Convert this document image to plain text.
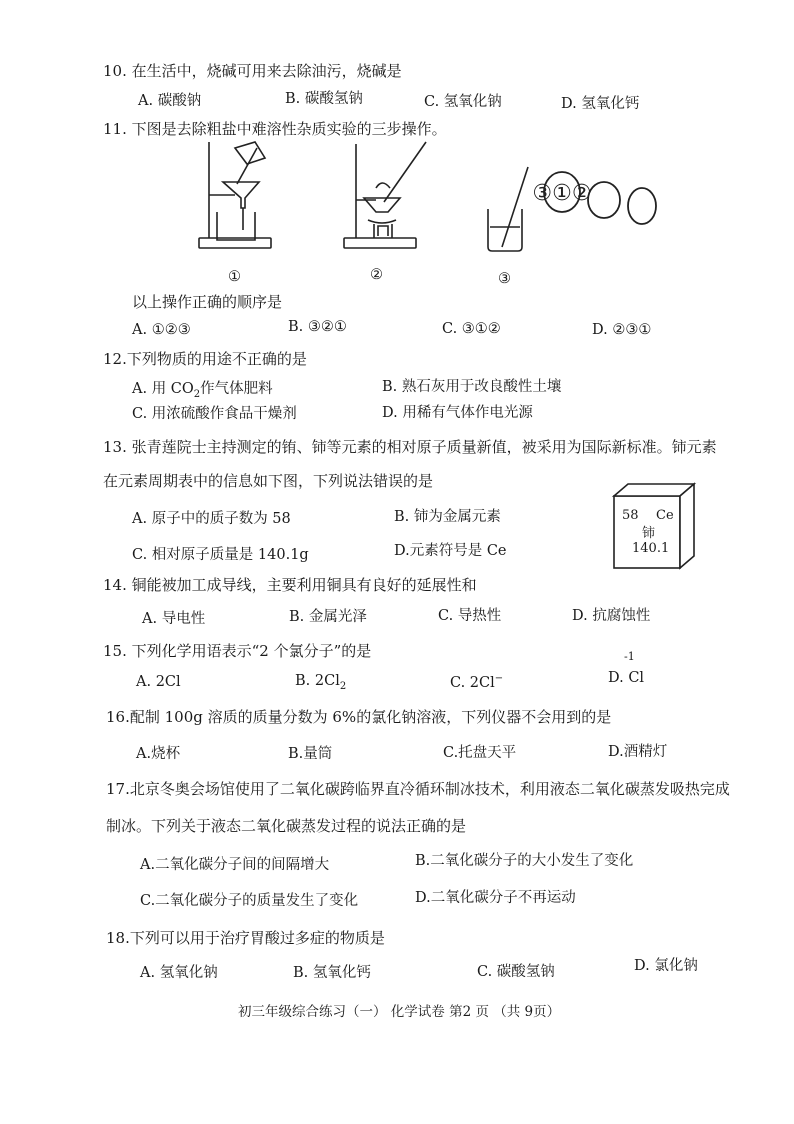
10. 在生活中，烧碱可用来去除油污，烧碱是
A. 碳酸钠	B. 碳酸氢钠	C. 氢氧化钠	D. 氢氧化钙
11. 下图是去除粗盐中难溶性杂质实验的三步操作。
③①②
①	②	③
以上操作正确的顺序是
A. ①②③	B. ③②①	C. ③①②	D. ②③①
12.下列物质的用途不正确的是
A. 用 $CO_2$作气体肥料	B. 熟石灰用于改良酸性土壤
C. 用浓硫酸作食品干燥剂	D. 用稀有气体作电光源
13. 张青莲院士主持测定的铕、铈等元素的相对原子质量新值，被采用为国际新标准。铈元素
在元素周期表中的信息如下图，下列说法错误的是
A. 原子中的质子数为 58	B. 铈为金属元素
C. 相对原子质量是 140.1g	D.元素符号是 Ce
58 Ce
铈
140.1
14. 铜能被加工成导线，主要利用铜具有良好的延展性和
A. 导电性	B. 金属光泽	C. 导热性	D. 抗腐蚀性
15. 下列化学用语表示“2 个氯分子”的是
A. 2Cl	B. $2Cl_2$	C. 2Cl−
-1
D. Cl
16.配制 100g 溶质的质量分数为 6%的氯化钠溶液，下列仪器不会用到的是
A.烧杯	B.量筒	C.托盘天平	D.酒精灯
17.北京冬奥会场馆使用了二氧化碳跨临界直冷循环制冰技术，利用液态二氧化碳蒸发吸热完成
制冰。下列关于液态二氧化碳蒸发过程的说法正确的是
A.二氧化碳分子间的间隔增大	B.二氧化碳分子的大小发生了变化
C.二氧化碳分子的质量发生了变化	D.二氧化碳分子不再运动
18.下列可以用于治疗胃酸过多症的物质是
A. 氢氧化钠	B. 氢氧化钙	C. 碳酸氢钠	D. 氯化钠
初三年级综合练习（一） 化学试卷 第2 页 （共 9页）
